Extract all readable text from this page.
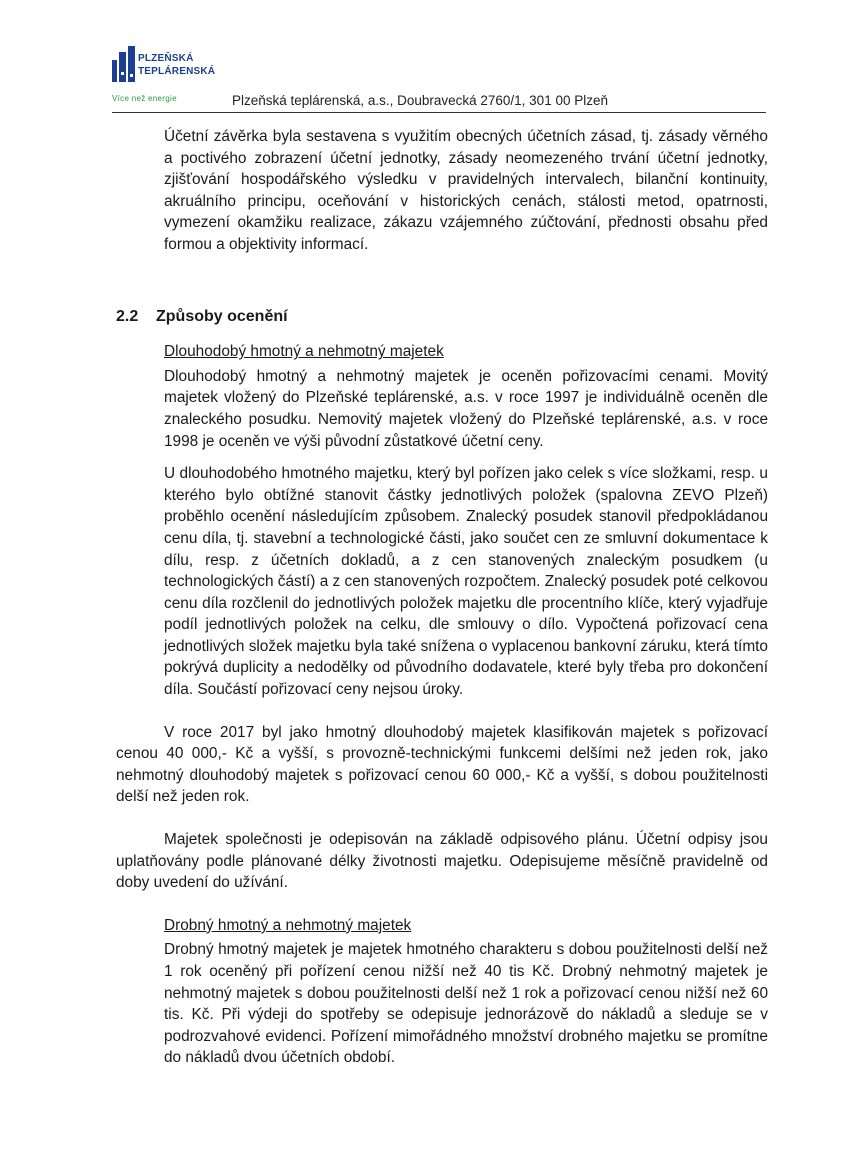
PLZEŇSKÁ
TEPLÁRENSKÁ
Více než energie	Plzeňská teplárenská, a.s., Doubravecká 2760/1, 301 00 Plzeň

Účetní závěrka byla sestavena s využitím obecných účetních zásad, tj. zásady věrného a poctivého zobrazení účetní jednotky, zásady neomezeného trvání účetní jednotky, zjišťování hospodářského výsledku v pravidelných intervalech, bilanční kontinuity, akruálního principu, oceňování v historických cenách, stálosti metod, opatrnosti, vymezení okamžiku realizace, zákazu vzájemného zúčtování, přednosti obsahu před formou a objektivity informací.

2.2 Způsoby ocenění
Dlouhodobý hmotný a nehmotný majetek

Dlouhodobý hmotný a nehmotný majetek je oceněn pořizovacími cenami. Movitý majetek vložený do Plzeňské teplárenské, a.s. v roce 1997 je individuálně oceněn dle znaleckého posudku. Nemovitý majetek vložený do Plzeňské teplárenské, a.s. v roce 1998 je oceněn ve výši původní zůstatkové účetní ceny.

U dlouhodobého hmotného majetku, který byl pořízen jako celek s více složkami, resp. u kterého bylo obtížné stanovit částky jednotlivých položek (spalovna ZEVO Plzeň) proběhlo ocenění následujícím způsobem. Znalecký posudek stanovil předpokládanou cenu díla, tj. stavební a technologické části, jako součet cen ze smluvní dokumentace k dílu, resp. z účetních dokladů, a z cen stanovených znaleckým posudkem (u technologických částí) a z cen stanovených rozpočtem. Znalecký posudek poté celkovou cenu díla rozčlenil do jednotlivých položek majetku dle procentního klíče, který vyjadřuje podíl jednotlivých položek na celku, dle smlouvy o dílo. Vypočtená pořizovací cena jednotlivých složek majetku byla také snížena o vyplacenou bankovní záruku, která tímto pokrývá duplicity a nedodělky od původního dodavatele, které byly třeba pro dokončení díla. Součástí pořizovací ceny nejsou úroky.

V roce 2017 byl jako hmotný dlouhodobý majetek klasifikován majetek s pořizovací cenou 40 000,- Kč a vyšší, s provozně-technickými funkcemi delšími než jeden rok, jako nehmotný dlouhodobý majetek s pořizovací cenou 60 000,- Kč a vyšší, s dobou použitelnosti delší než jeden rok.

Majetek společnosti je odepisován na základě odpisového plánu. Účetní odpisy jsou uplatňovány podle plánované délky životnosti majetku. Odepisujeme měsíčně pravidelně od doby uvedení do užívání.

Drobný hmotný a nehmotný majetek

Drobný hmotný majetek je majetek hmotného charakteru s dobou použitelnosti delší než 1 rok oceněný při pořízení cenou nižší než 40 tis Kč. Drobný nehmotný majetek je nehmotný majetek s dobou použitelnosti delší než 1 rok a pořizovací cenou nižší než 60 tis. Kč. Při výdeji do spotřeby se odepisuje jednorázově do nákladů a sleduje se v podrozvahové evidenci. Pořízení mimořádného množství drobného majetku se promítne do nákladů dvou účetních období.
